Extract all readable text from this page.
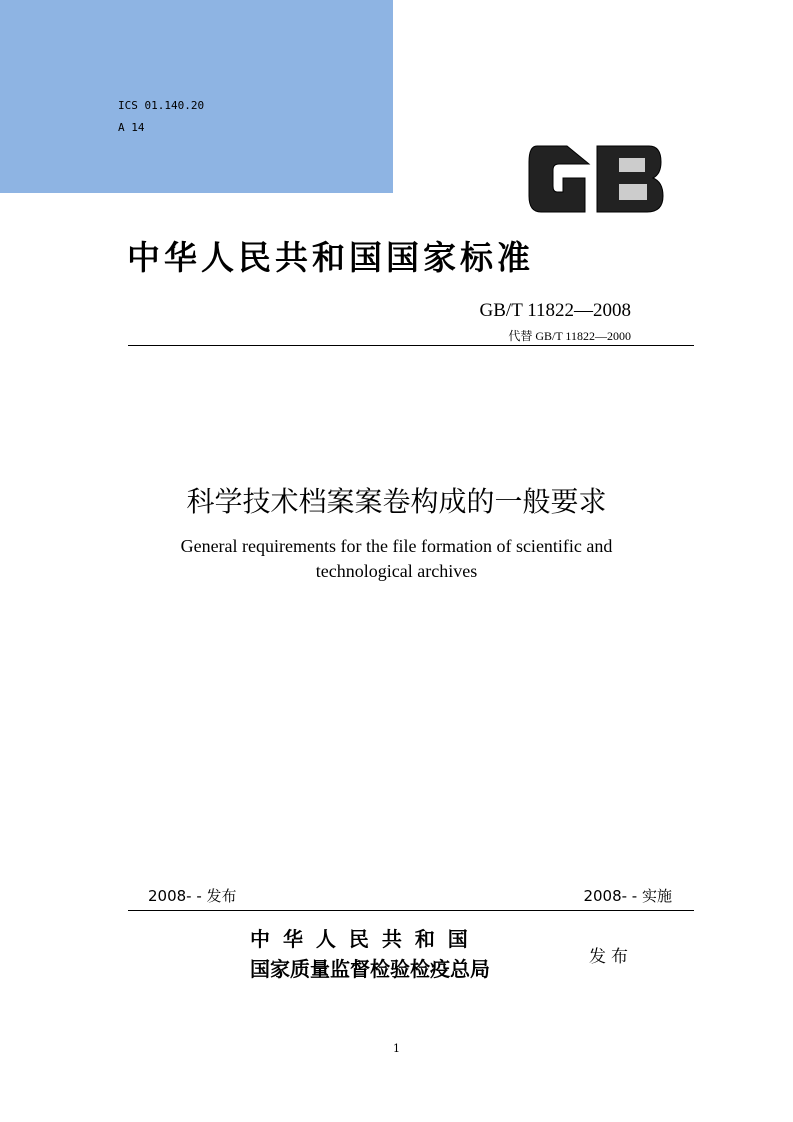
ICS 01.140.20
A 14
中华人民共和国国家标准
GB/T 11822—2008
代替 GB/T 11822—2000
科学技术档案案卷构成的一般要求
General requirements for the file formation of scientific and
technological archives
2008- - 发布	2008- - 实施
中 华 人 民 共 和 国
国家质量监督检验检疫总局	发布
1
